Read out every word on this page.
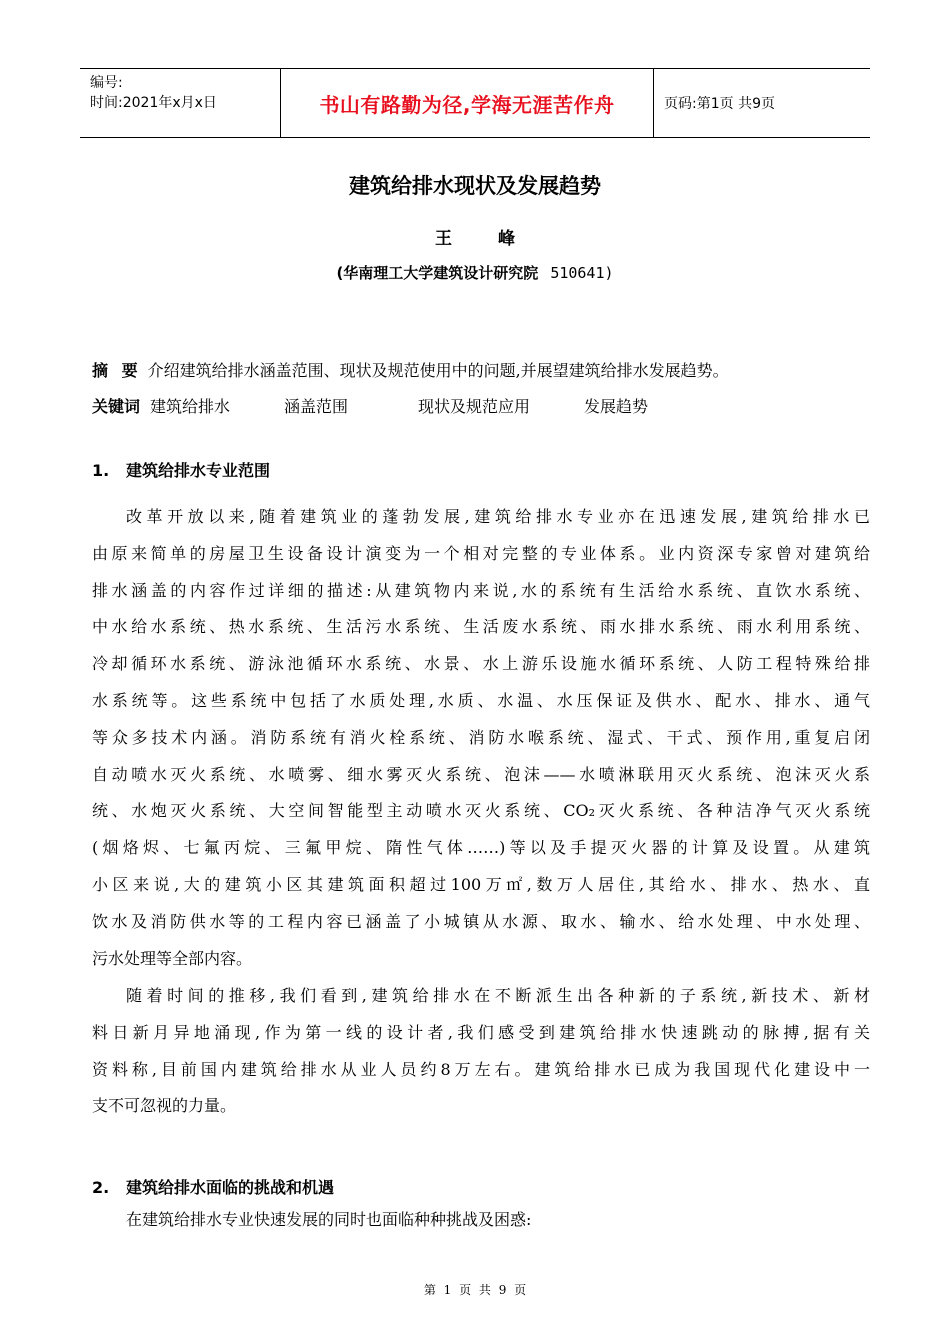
编号:
时间:2021年x月x日	书山有路勤为径,学海无涯苦作舟	页码:第1页 共9页
建筑给排水现状及发展趋势
王 峰
(华南理工大学建筑设计研究院 510641)
摘 要 介绍建筑给排水涵盖范围、现状及规范使用中的问题,并展望建筑给排水发展趋势。
关键词 建筑给排水	涵盖范围	现状及规范应用	发展趋势
1. 建筑给排水专业范围
改革开放以来,随着建筑业的蓬勃发展,建筑给排水专业亦在迅速发展,建筑给排水已
由原来简单的房屋卫生设备设计演变为一个相对完整的专业体系。业内资深专家曾对建筑给
排水涵盖的内容作过详细的描述:从建筑物内来说,水的系统有生活给水系统、直饮水系统、
中水给水系统、热水系统、生活污水系统、生活废水系统、雨水排水系统、雨水利用系统、
冷却循环水系统、游泳池循环水系统、水景、水上游乐设施水循环系统、人防工程特殊给排
水系统等。这些系统中包括了水质处理,水质、水温、水压保证及供水、配水、排水、通气
等众多技术内涵。消防系统有消火栓系统、消防水喉系统、湿式、干式、预作用,重复启闭
自动喷水灭火系统、水喷雾、细水雾灭火系统、泡沫——水喷淋联用灭火系统、泡沫灭火系
统、水炮灭火系统、大空间智能型主动喷水灭火系统、CO₂灭火系统、各种洁净气灭火系统
(烟烙烬、七氟丙烷、三氟甲烷、隋性气体……)等以及手提灭火器的计算及设置。从建筑
小区来说,大的建筑小区其建筑面积超过100万㎡,数万人居住,其给水、排水、热水、直
饮水及消防供水等的工程内容已涵盖了小城镇从水源、取水、输水、给水处理、中水处理、
污水处理等全部内容。
随着时间的推移,我们看到,建筑给排水在不断派生出各种新的子系统,新技术、新材
料日新月异地涌现,作为第一线的设计者,我们感受到建筑给排水快速跳动的脉搏,据有关
资料称,目前国内建筑给排水从业人员约8万左右。建筑给排水已成为我国现代化建设中一
支不可忽视的力量。
2. 建筑给排水面临的挑战和机遇
在建筑给排水专业快速发展的同时也面临种种挑战及困惑:
第 1 页 共 9 页
